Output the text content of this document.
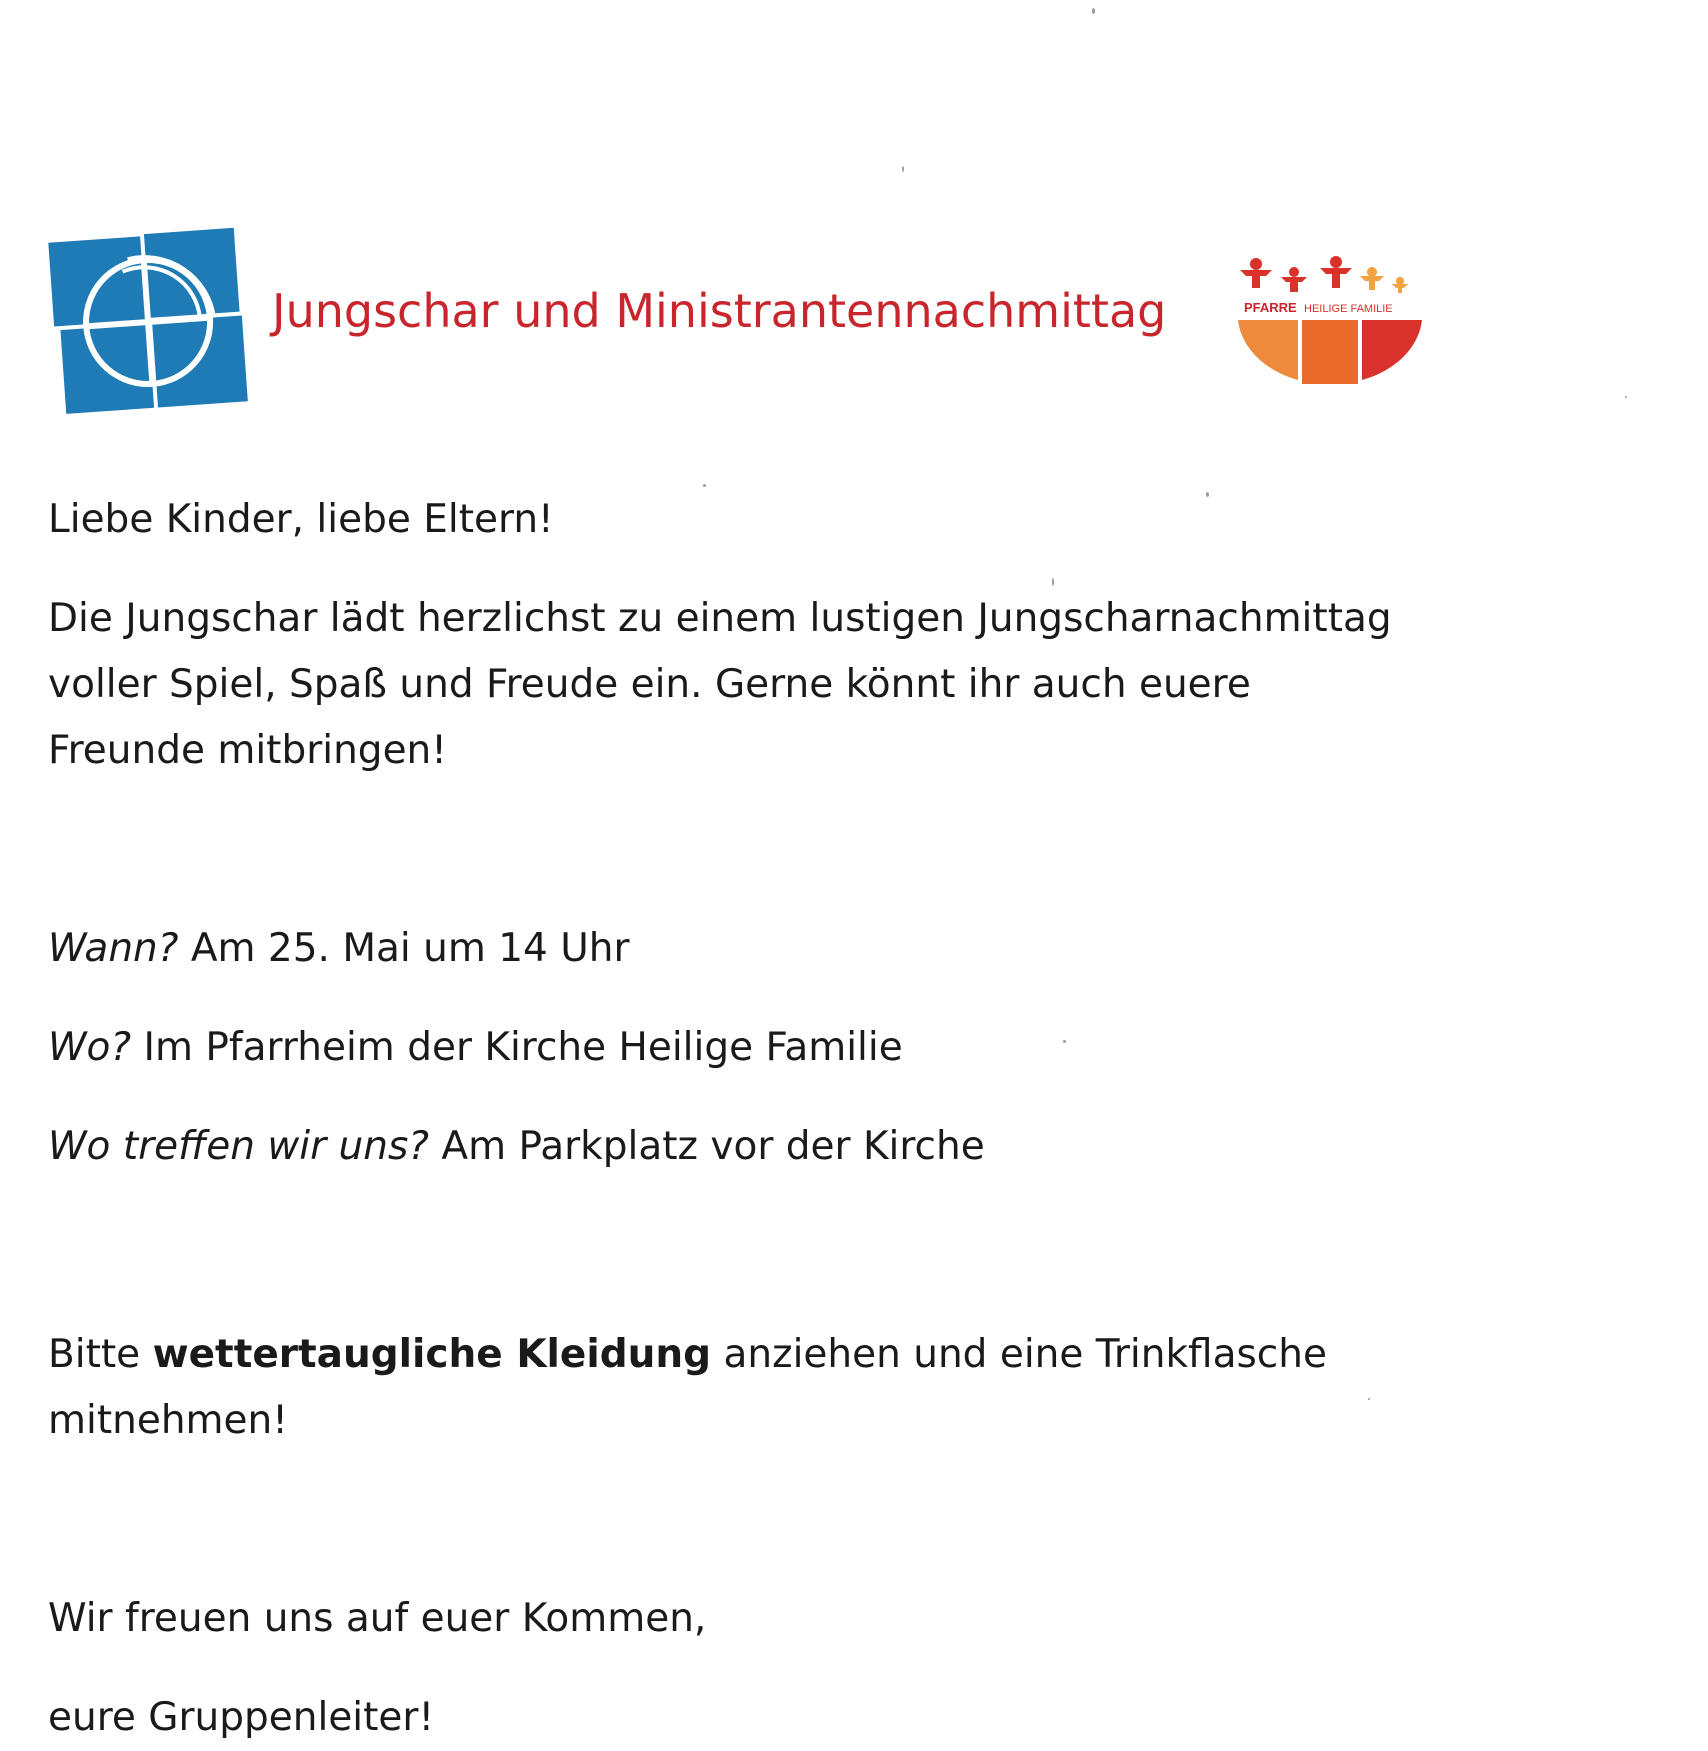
Jungschar und Ministrantennachmittag	PFARRE HEILIGE FAMILIE

Liebe Kinder, liebe Eltern!

Die Jungschar lädt herzlichst zu einem lustigen Jungscharnachmittag
voller Spiel, Spaß und Freude ein. Gerne könnt ihr auch euere
Freunde mitbringen!
Wann? Am 25. Mai um 14 Uhr
Wo? Im Pfarrheim der Kirche Heilige Familie
Wo treffen wir uns? Am Parkplatz vor der Kirche
Bitte wettertaugliche Kleidung anziehen und eine Trinkflasche
mitnehmen!
Wir freuen uns auf euer Kommen,
eure Gruppenleiter!
